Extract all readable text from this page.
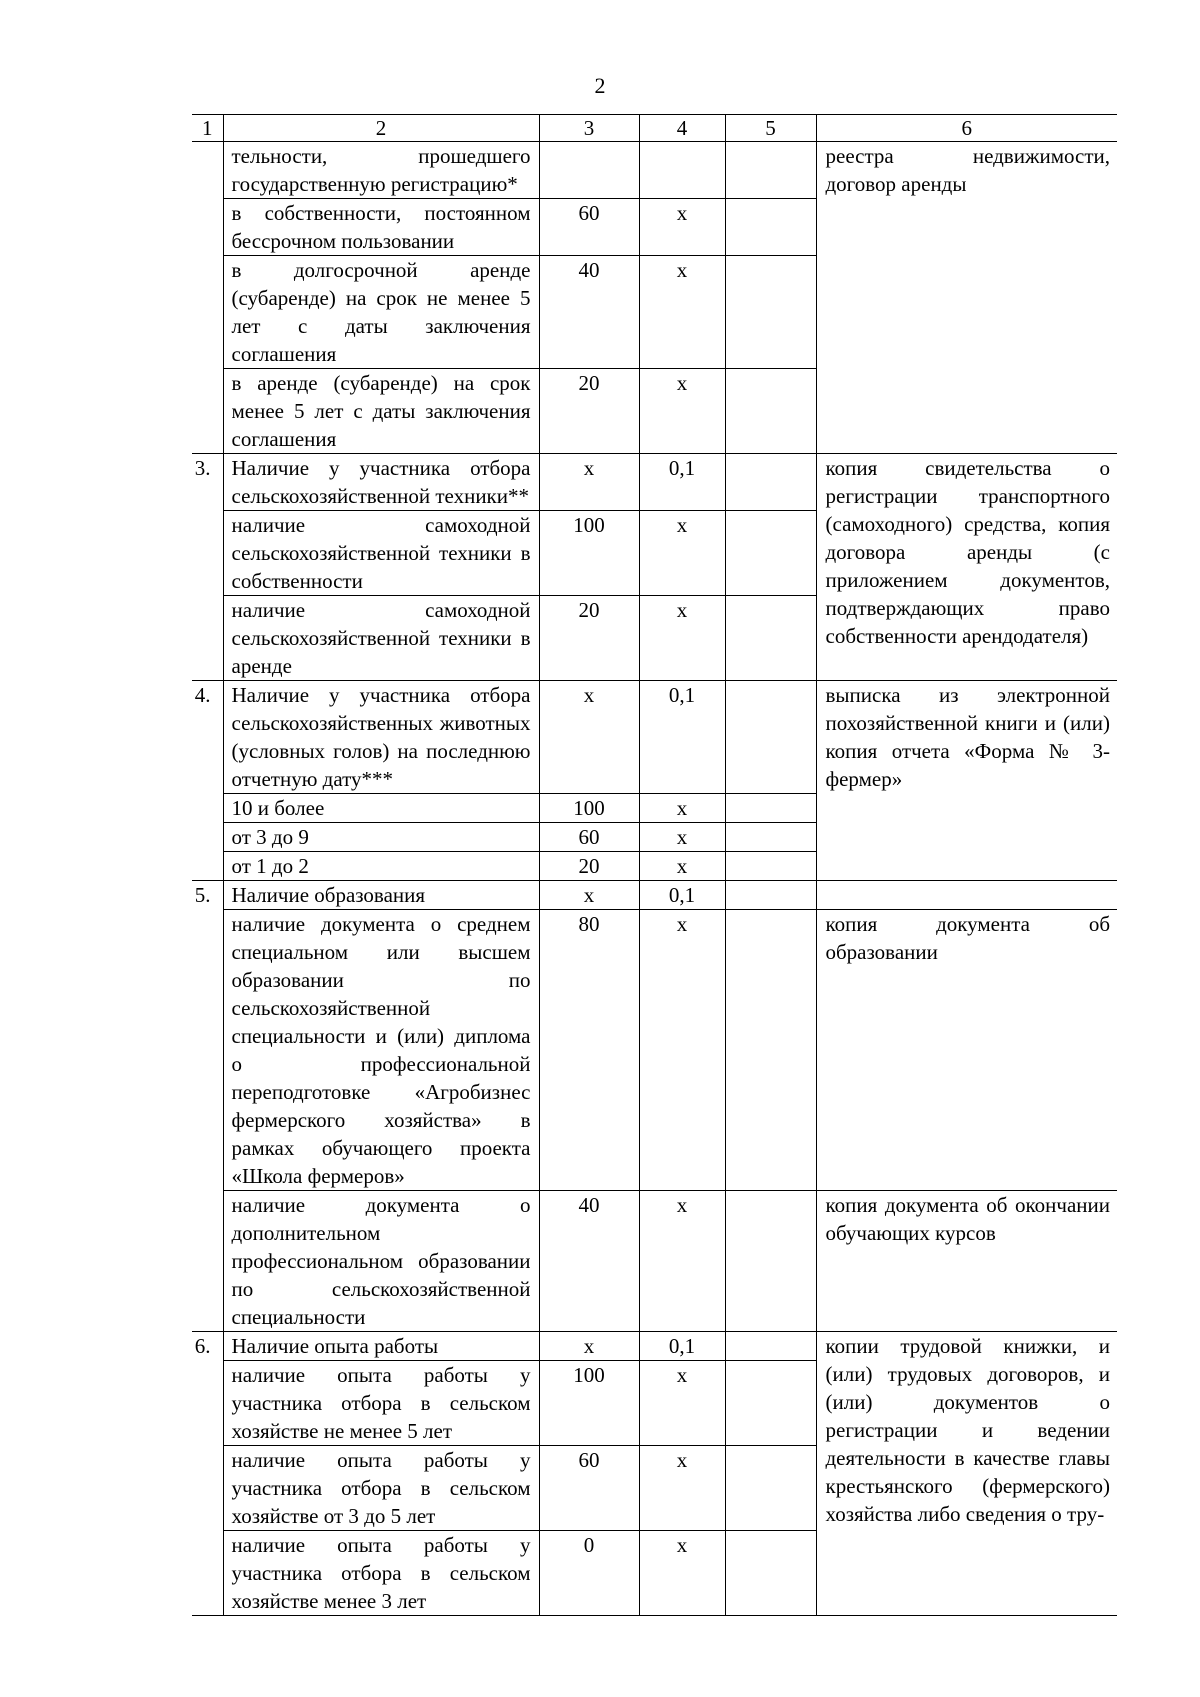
2
1	2	3	4	5	6
	тельности, прошедшего государственную регистрацию*				реестра недвижимости, договор аренды
	в собственности, постоянном бессрочном пользовании	60	х		
	в долгосрочной аренде (субаренде) на срок не менее 5 лет с даты заключения соглашения	40	х		
	в аренде (субаренде) на срок менее 5 лет с даты заключения соглашения	20	х		
3.	Наличие у участника отбора сельскохозяйственной техники**	х	0,1		копия свидетельства о регистрации транспортного (самоходного) средства, копия договора аренды (с приложением документов, подтверждающих право собственности арендодателя)
	наличие самоходной сельскохозяйственной техники в собственности	100	х		
	наличие самоходной сельскохозяйственной техники в аренде	20	х		
4.	Наличие у участника отбора сельскохозяйственных животных (условных голов) на последнюю отчетную дату***	х	0,1		выписка из электронной похозяйственной книги и (или) копия отчета «Форма № 3-фермер»
	10 и более	100	х		
	от 3 до 9	60	х		
	от 1 до 2	20	х		
5.	Наличие образования	х	0,1		
	наличие документа о среднем специальном или высшем образовании по сельскохозяйственной специальности и (или) диплома о профессиональной переподготовке «Агробизнес фермерского хозяйства» в рамках обучающего проекта «Школа фермеров»	80	х		копия документа об образовании
	наличие документа о дополнительном профессиональном образовании по сельскохозяйственной специальности	40	х		копия документа об окончании обучающих курсов
6.	Наличие опыта работы	х	0,1		копии трудовой книжки, и (или) трудовых договоров, и (или) документов о регистрации и ведении деятельности в качестве главы крестьянского (фермерского) хозяйства либо сведения о тру-
	наличие опыта работы у участника отбора в сельском хозяйстве не менее 5 лет	100	х		
	наличие опыта работы у участника отбора в сельском хозяйстве от 3 до 5 лет	60	х		
	наличие опыта работы у участника отбора в сельском хозяйстве менее 3 лет	0	х		
